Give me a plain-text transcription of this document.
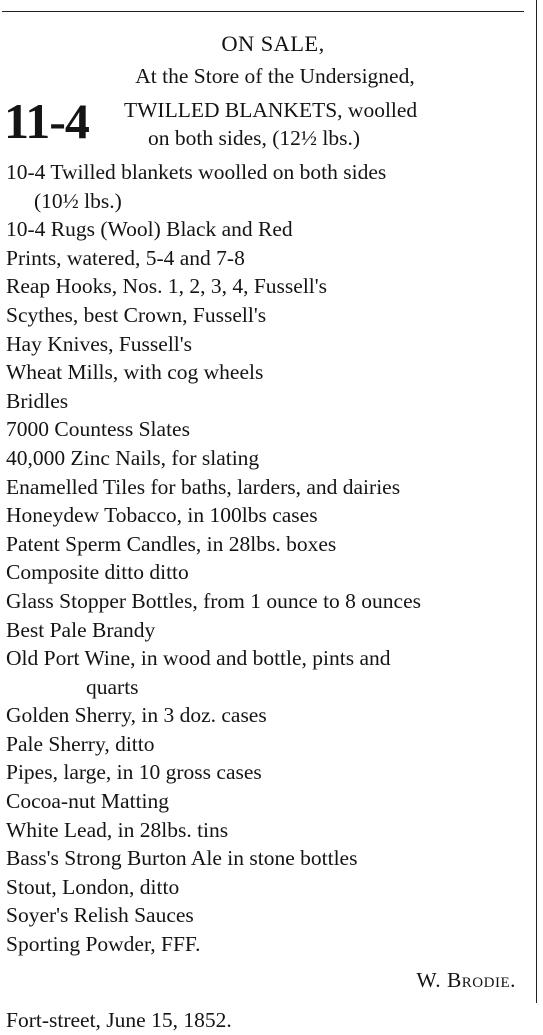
ON SALE,

At the Store of the Undersigned,

11-4 TWILLED BLANKETS, woolled
on both sides, (12½ lbs.)
10-4 Twilled blankets woolled on both sides
(10½ lbs.)
10-4 Rugs (Wool) Black and Red
Prints, watered, 5-4 and 7-8
Reap Hooks, Nos. 1, 2, 3, 4, Fussell's
Scythes, best Crown, Fussell's
Hay Knives, Fussell's
Wheat Mills, with cog wheels
Bridles
7000 Countess Slates
40,000 Zinc Nails, for slating
Enamelled Tiles for baths, larders, and dairies
Honeydew Tobacco, in 100lbs cases
Patent Sperm Candles, in 28lbs. boxes
Composite ditto ditto
Glass Stopper Bottles, from 1 ounce to 8 ounces
Best Pale Brandy
Old Port Wine, in wood and bottle, pints and
quarts
Golden Sherry, in 3 doz. cases
Pale Sherry, ditto
Pipes, large, in 10 gross cases
Cocoa-nut Matting
White Lead, in 28lbs. tins
Bass's Strong Burton Ale in stone bottles
Stout, London, ditto
Soyer's Relish Sauces
Sporting Powder, FFF.
W. Brodie.
Fort-street, June 15, 1852.
